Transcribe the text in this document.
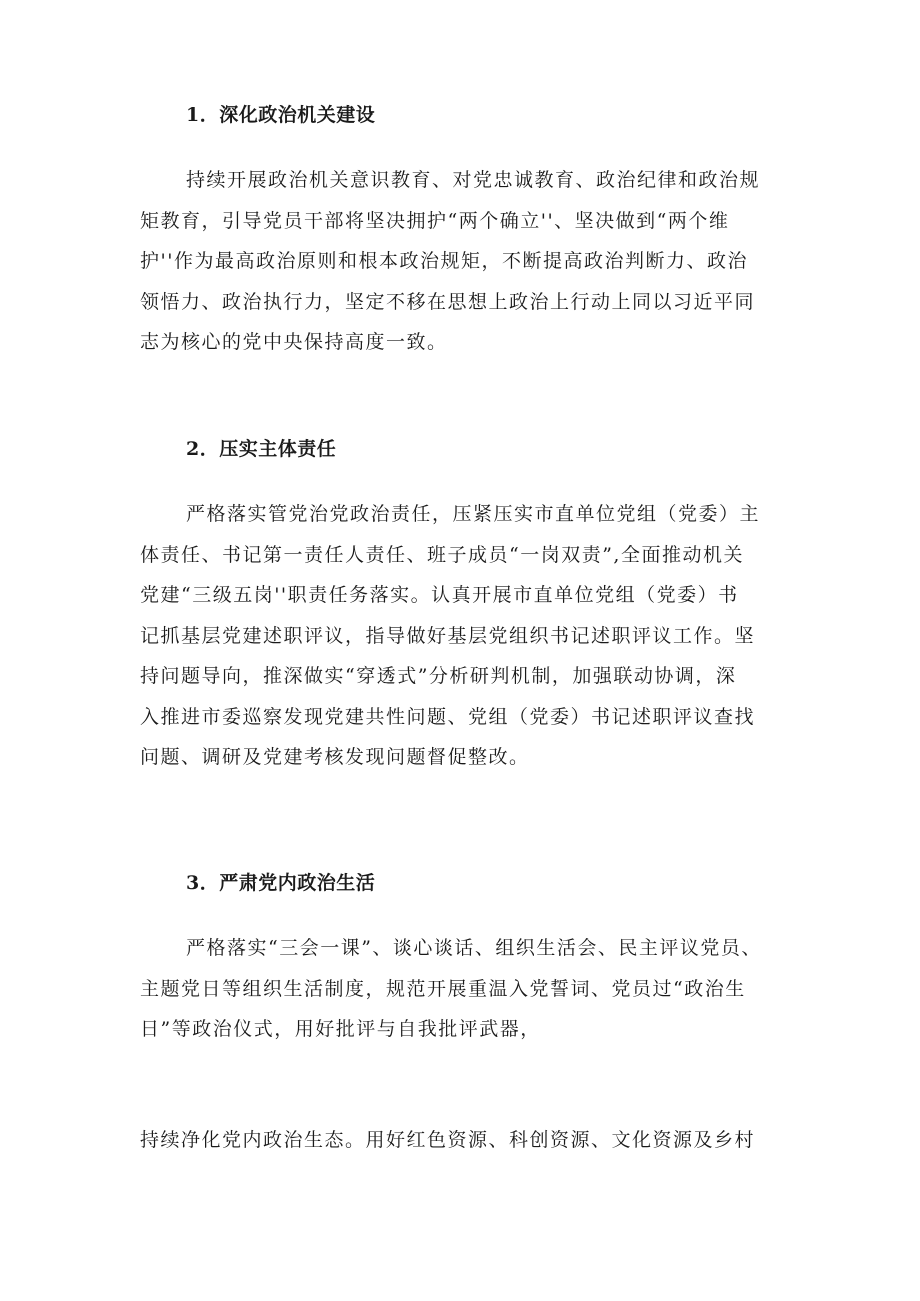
1．深化政治机关建设
持续开展政治机关意识教育、对党忠诚教育、政治纪律和政治规
矩教育，引导党员干部将坚决拥护“两个确立''、坚决做到“两个维
护''作为最高政治原则和根本政治规矩，不断提高政治判断力、政治
领悟力、政治执行力，坚定不移在思想上政治上行动上同以习近平同
志为核心的党中央保持高度一致。
2．压实主体责任
严格落实管党治党政治责任，压紧压实市直单位党组（党委）主
体责任、书记第一责任人责任、班子成员“一岗双责”,全面推动机关
党建“三级五岗''职责任务落实。认真开展市直单位党组（党委）书
记抓基层党建述职评议，指导做好基层党组织书记述职评议工作。坚
持问题导向，推深做实“穿透式”分析研判机制，加强联动协调，深
入推进市委巡察发现党建共性问题、党组（党委）书记述职评议查找
问题、调研及党建考核发现问题督促整改。
3．严肃党内政治生活
严格落实“三会一课”、谈心谈话、组织生活会、民主评议党员、
主题党日等组织生活制度，规范开展重温入党誓词、党员过“政治生
日”等政治仪式，用好批评与自我批评武器，
持续净化党内政治生态。用好红色资源、科创资源、文化资源及乡村
